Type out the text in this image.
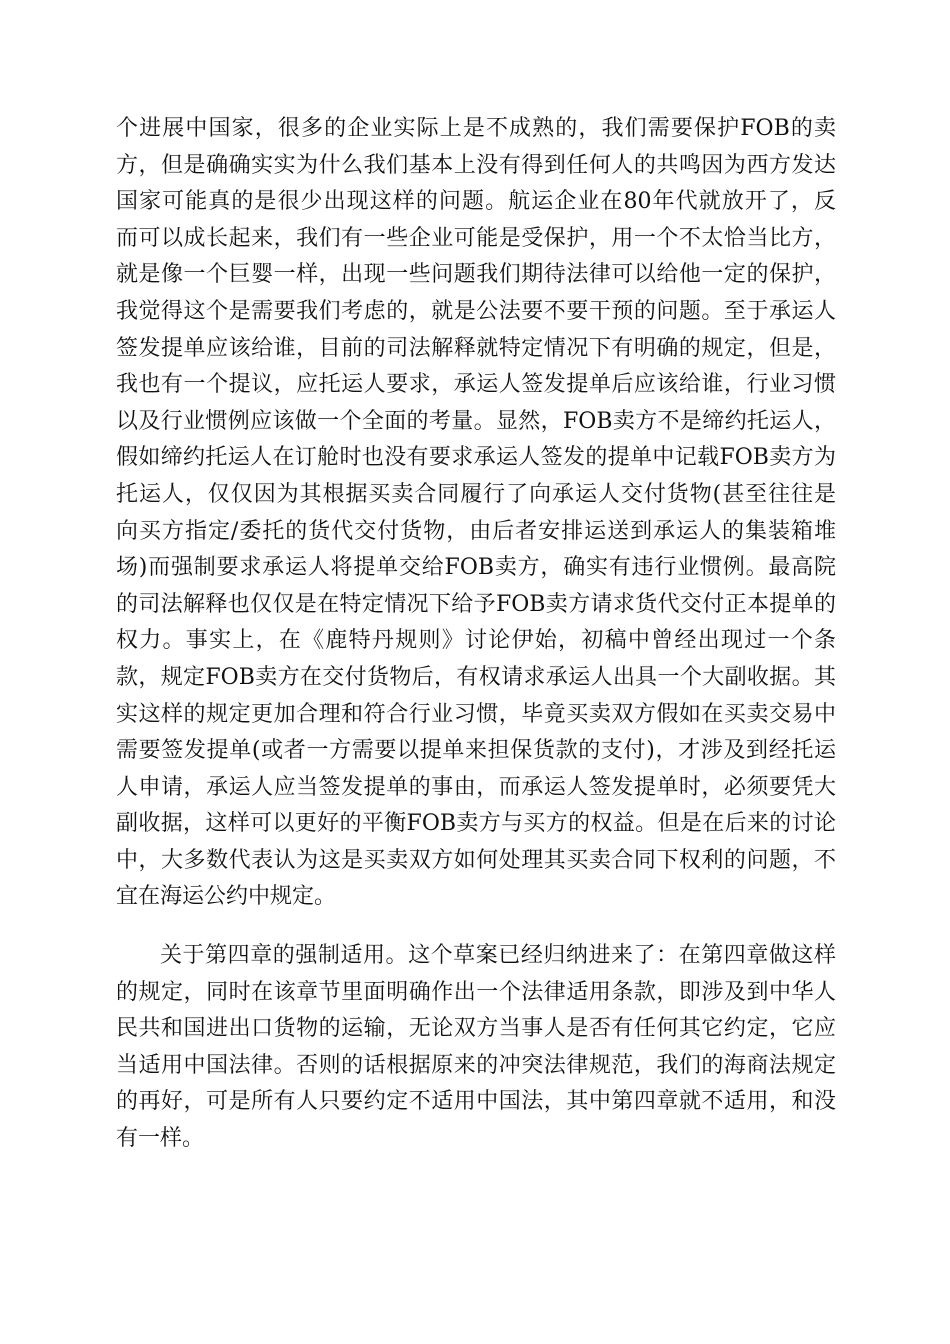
个进展中国家，很多的企业实际上是不成熟的，我们需要保护FOB的卖
方，但是确确实实为什么我们基本上没有得到任何人的共鸣因为西方发达
国家可能真的是很少出现这样的问题。航运企业在80年代就放开了，反
而可以成长起来，我们有一些企业可能是受保护，用一个不太恰当比方，
就是像一个巨婴一样，出现一些问题我们期待法律可以给他一定的保护，
我觉得这个是需要我们考虑的，就是公法要不要干预的问题。至于承运人
签发提单应该给谁，目前的司法解释就特定情况下有明确的规定，但是，
我也有一个提议，应托运人要求，承运人签发提单后应该给谁，行业习惯
以及行业惯例应该做一个全面的考量。显然，FOB卖方不是缔约托运人，
假如缔约托运人在订舱时也没有要求承运人签发的提单中记载FOB卖方为
托运人，仅仅因为其根据买卖合同履行了向承运人交付货物(甚至往往是
向买方指定/委托的货代交付货物，由后者安排运送到承运人的集装箱堆
场)而强制要求承运人将提单交给FOB卖方，确实有违行业惯例。最高院
的司法解释也仅仅是在特定情况下给予FOB卖方请求货代交付正本提单的
权力。事实上，在《鹿特丹规则》讨论伊始，初稿中曾经出现过一个条
款，规定FOB卖方在交付货物后，有权请求承运人出具一个大副收据。其
实这样的规定更加合理和符合行业习惯，毕竟买卖双方假如在买卖交易中
需要签发提单(或者一方需要以提单来担保货款的支付)，才涉及到经托运
人申请，承运人应当签发提单的事由，而承运人签发提单时，必须要凭大
副收据，这样可以更好的平衡FOB卖方与买方的权益。但是在后来的讨论
中，大多数代表认为这是买卖双方如何处理其买卖合同下权利的问题，不
宜在海运公约中规定。
关于第四章的强制适用。这个草案已经归纳进来了：在第四章做这样
的规定，同时在该章节里面明确作出一个法律适用条款，即涉及到中华人
民共和国进出口货物的运输，无论双方当事人是否有任何其它约定，它应
当适用中国法律。否则的话根据原来的冲突法律规范，我们的海商法规定
的再好，可是所有人只要约定不适用中国法，其中第四章就不适用，和没
有一样。
